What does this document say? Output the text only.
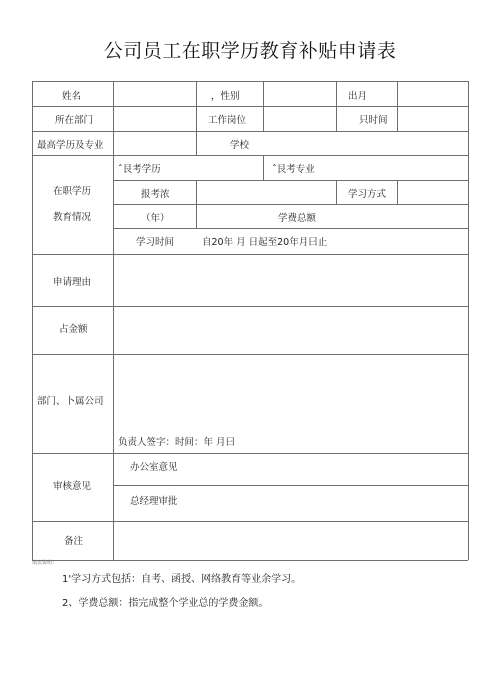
公司员工在职学历教育补贴申请表
姓名	，性别	出月
所在部门	工作岗位	只时间
最高学历及专业	学校
在职学历
教育情况
ˆ艮考学历	ˆ艮考专业
报考浓	学习方式
（年）	学费总额
学习时间	自20年 月 日起至20年月曰止
申请理由
占金额
部门、卜属公司
负责人签字：时间：年 月曰
审核意见
办公室意见
总经理审批
备注
填表说明：
1'学习方式包括：自考、函授、网络教育等业余学习。
2、学费总额：指完成整个学业总的学费金额。
